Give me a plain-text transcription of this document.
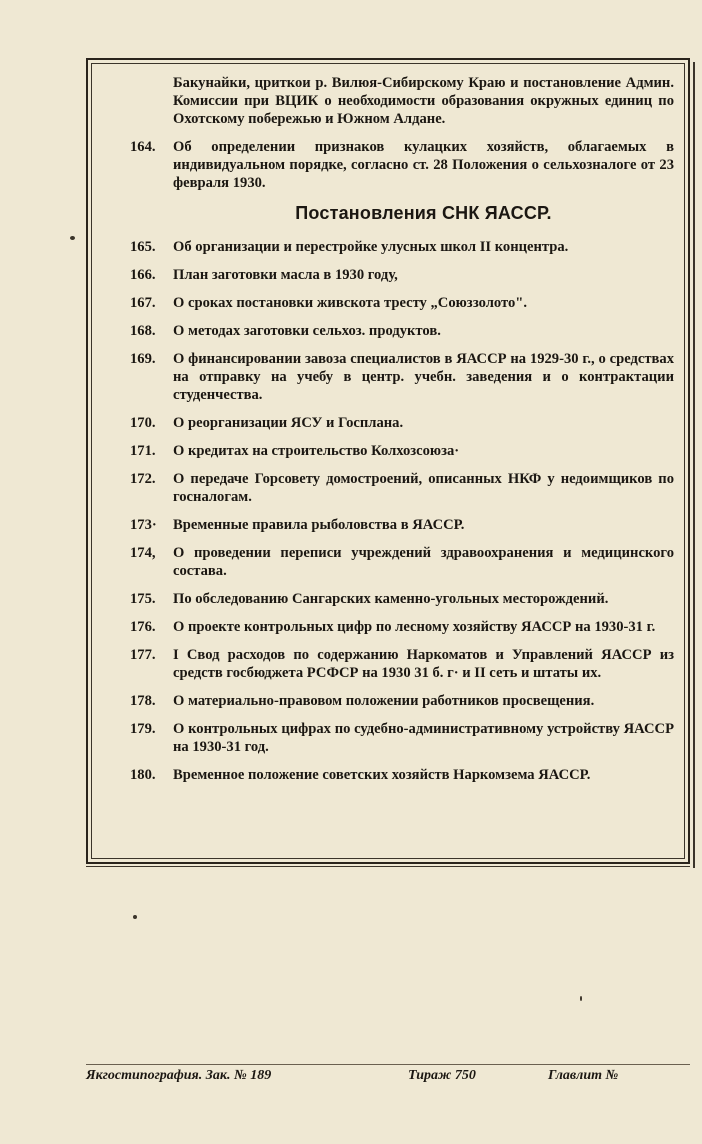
Бакунайки, цриткои р. Вилюя-Сибирскому Краю и постановление Админ. Комиссии при ВЦИК о необходимости образования окружных единиц по Охотскому побережью и Южном Алдане.
164.	Об определении признаков кулацких хозяйств, облагаемых в индивидуальном порядке, согласно ст. 28 Положения о сельхозналоге от 23 февраля 1930.
Постановления СНК ЯАССР.
165.	Об организации и перестройке улусных школ II концентра.
166.	План заготовки масла в 1930 году,
167.	О сроках постановки живскота тресту „Союззолото".
168.	О методах заготовки сельхоз. продуктов.
169.	О финансировании завоза специалистов в ЯАССР на 1929-30 г., о средствах на отправку на учебу в центр. учебн. заведения и о контрактации студенчества.
170.	О реорганизации ЯСУ и Госплана.
171.	О кредитах на строительство Колхозсоюза·
172.	О передаче Горсовету домостроений, описанных НКФ у недоимщиков по госналогам.
173·	Временные правила рыболовства в ЯАССР.
174,	О проведении переписи учреждений здравоохранения и медицинского состава.
175.	По обследованию Сангарских каменно-угольных месторождений.
176.	О проекте контрольных цифр по лесному хозяйству ЯАССР на 1930-31 г.
177.	I Свод расходов по содержанию Наркоматов и Управлений ЯАССР из средств госбюджета РСФСР на 1930 31 б. г· и II сеть и штаты их.
178.	О материально-правовом положении работников просвещения.
179.	О контрольных цифрах по судебно-административному устройству ЯАССР на 1930-31 год.
180.	Временное положение советских хозяйств Наркомзема ЯАССР.
Якгостипография. Зак. № 189	Тираж 750	Главлит №
